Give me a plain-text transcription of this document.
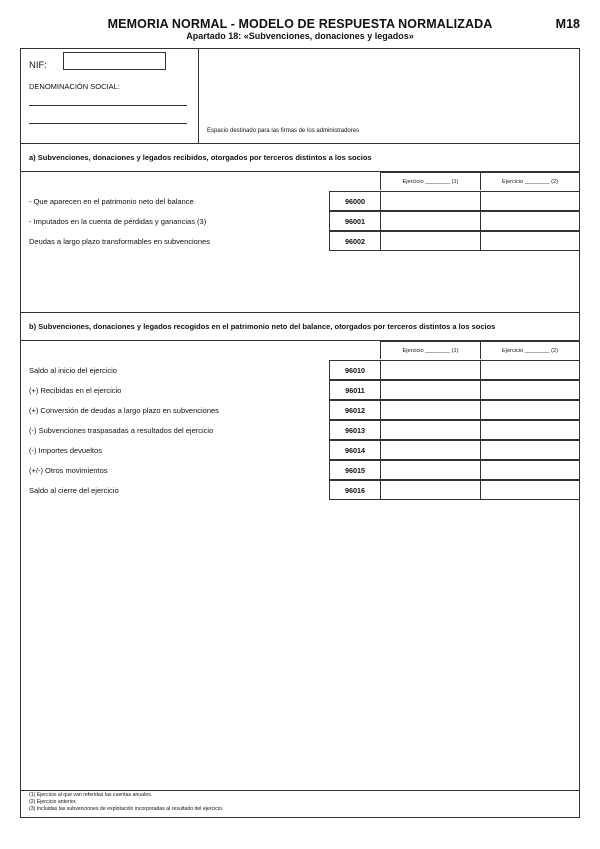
MEMORIA NORMAL - MODELO DE RESPUESTA NORMALIZADA	M18
Apartado 18: «Subvenciones, donaciones y legados»
NIF:
DENOMINACIÓN SOCIAL:
Espacio destinado para las firmas de los administradores
a) Subvenciones, donaciones y legados recibidos, otorgados por terceros distintos a los socios
Ejercicio ________ (1)	Ejercicio ________ (2)
- Que aparecen en el patrimonio neto del balance	96000
- Imputados en la cuenta de pérdidas y ganancias (3)	96001
Deudas a largo plazo transformables en subvenciones	96002
b) Subvenciones, donaciones y legados recogidos en el patrimonio neto del balance, otorgados por terceros distintos a los socios
Ejercicio ________ (1)	Ejercicio ________ (2)
Saldo al inicio del ejercicio	96010
(+) Recibidas en el ejercicio	96011
(+) Conversión de deudas a largo plazo en subvenciones	96012
(-) Subvenciones traspasadas a resultados del ejercicio	96013
(-) Importes devueltos	96014
(+/-) Otros movimientos	96015
Saldo al cierre del ejercicio	96016
(1) Ejercicio al que van referidas las cuentas anuales.
(2) Ejercicio anterior.
(3) Incluidas las subvenciones de explotación incorporadas al resultado del ejercicio.
